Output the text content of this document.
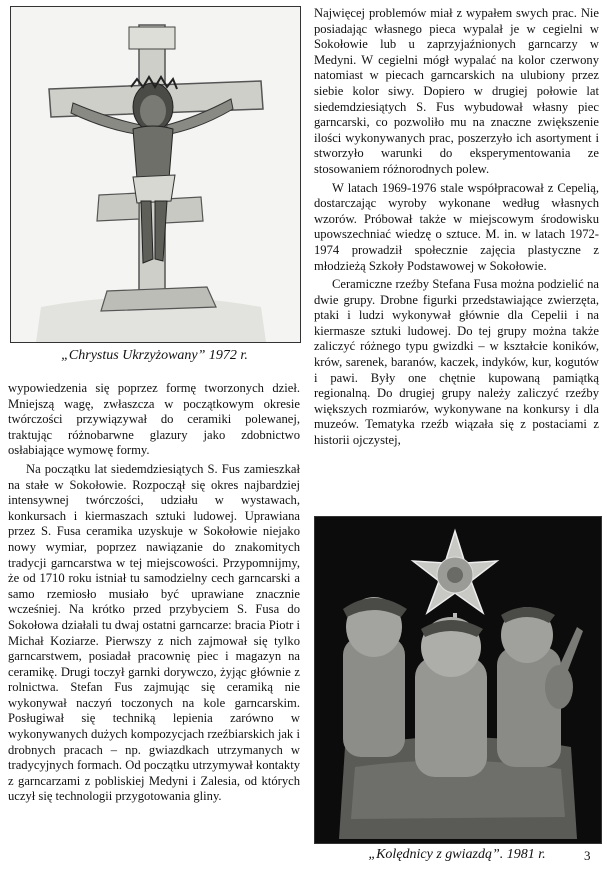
„Chrystus Ukrzyżowany” 1972 r.

wypowiedzenia się poprzez formę tworzonych dzieł. Mniejszą wagę, zwłaszcza w początkowym okresie twórczości przywiązywał do ceramiki polewanej, traktując różnobarwne glazury jako zdobnictwo osłabiające wymowę formy.

Na początku lat siedemdziesiątych S. Fus zamieszkał na stałe w Sokołowie. Rozpoczął się okres najbardziej intensywnej twórczości, udziału w wystawach, konkursach i kiermaszach sztuki ludowej. Uprawiana przez S. Fusa ceramika uzyskuje w Sokołowie niejako nowy wymiar, poprzez nawiązanie do znakomitych tradycji garncarstwa w tej miejscowości. Przypomnijmy, że od 1710 roku istniał tu samodzielny cech garncarski a samo rzemiosło musiało być uprawiane znacznie wcześniej. Na krótko przed przybyciem S. Fusa do Sokołowa działali tu dwaj ostatni garncarze: bracia Piotr i Michał Koziarze. Pierwszy z nich zajmował się tylko garncarstwem, posiadał pracownię piec i magazyn na ceramikę. Drugi toczył garnki dorywczo, żyjąc głównie z rolnictwa. Stefan Fus zajmując się ceramiką nie wykonywał naczyń toczonych na kole garncarskim. Posługiwał się techniką lepienia zarówno w wykonywanych dużych kompozycjach rzeźbiarskich jak i drobnych pracach – np. gwiazdkach utrzymanych w tradycyjnych formach. Od początku utrzymywał kontakty z garncarzami z pobliskiej Medyni i Zalesia, od których uczył się technologii przygotowania gliny.

Najwięcej problemów miał z wypałem swych prac. Nie posiadając własnego pieca wypalał je w cegielni w Sokołowie lub u zaprzyjaźnionych garncarzy w Medyni. W cegielni mógł wypalać na kolor czerwony natomiast w piecach garncarskich na ulubiony przez siebie kolor siwy. Dopiero w drugiej połowie lat siedemdziesiątych S. Fus wybudował własny piec garncarski, co pozwoliło mu na znaczne zwiększenie ilości wykonywanych prac, poszerzyło ich asortyment i stworzyło warunki do eksperymentowania ze stosowaniem różnorodnych polew.

W latach 1969-1976 stale współpracował z Cepelią, dostarczając wyroby wykonane według własnych wzorów. Próbował także w miejscowym środowisku upowszechniać wiedzę o sztuce. M. in. w latach 1972-1974 prowadził społecznie zajęcia plastyczne z młodzieżą Szkoły Podstawowej w Sokołowie.

Ceramiczne rzeźby Stefana Fusa można podzielić na dwie grupy. Drobne figurki przedstawiające zwierzęta, ptaki i ludzi wykonywał głównie dla Cepelii i na kiermasze sztuki ludowej. Do tej grupy można także zaliczyć różnego typu gwizdki – w kształcie koników, krów, sarenek, baranów, kaczek, indyków, kur, kogutów i pawi. Były one chętnie kupowaną pamiątką regionalną. Do drugiej grupy należy zaliczyć rzeźby większych rozmiarów, wykonywane na konkursy i dla muzeów. Tematyka rzeźb wiązała się z postaciami z historii ojczystej,

„Kolędnicy z gwiazdą”. 1981 r.	3
